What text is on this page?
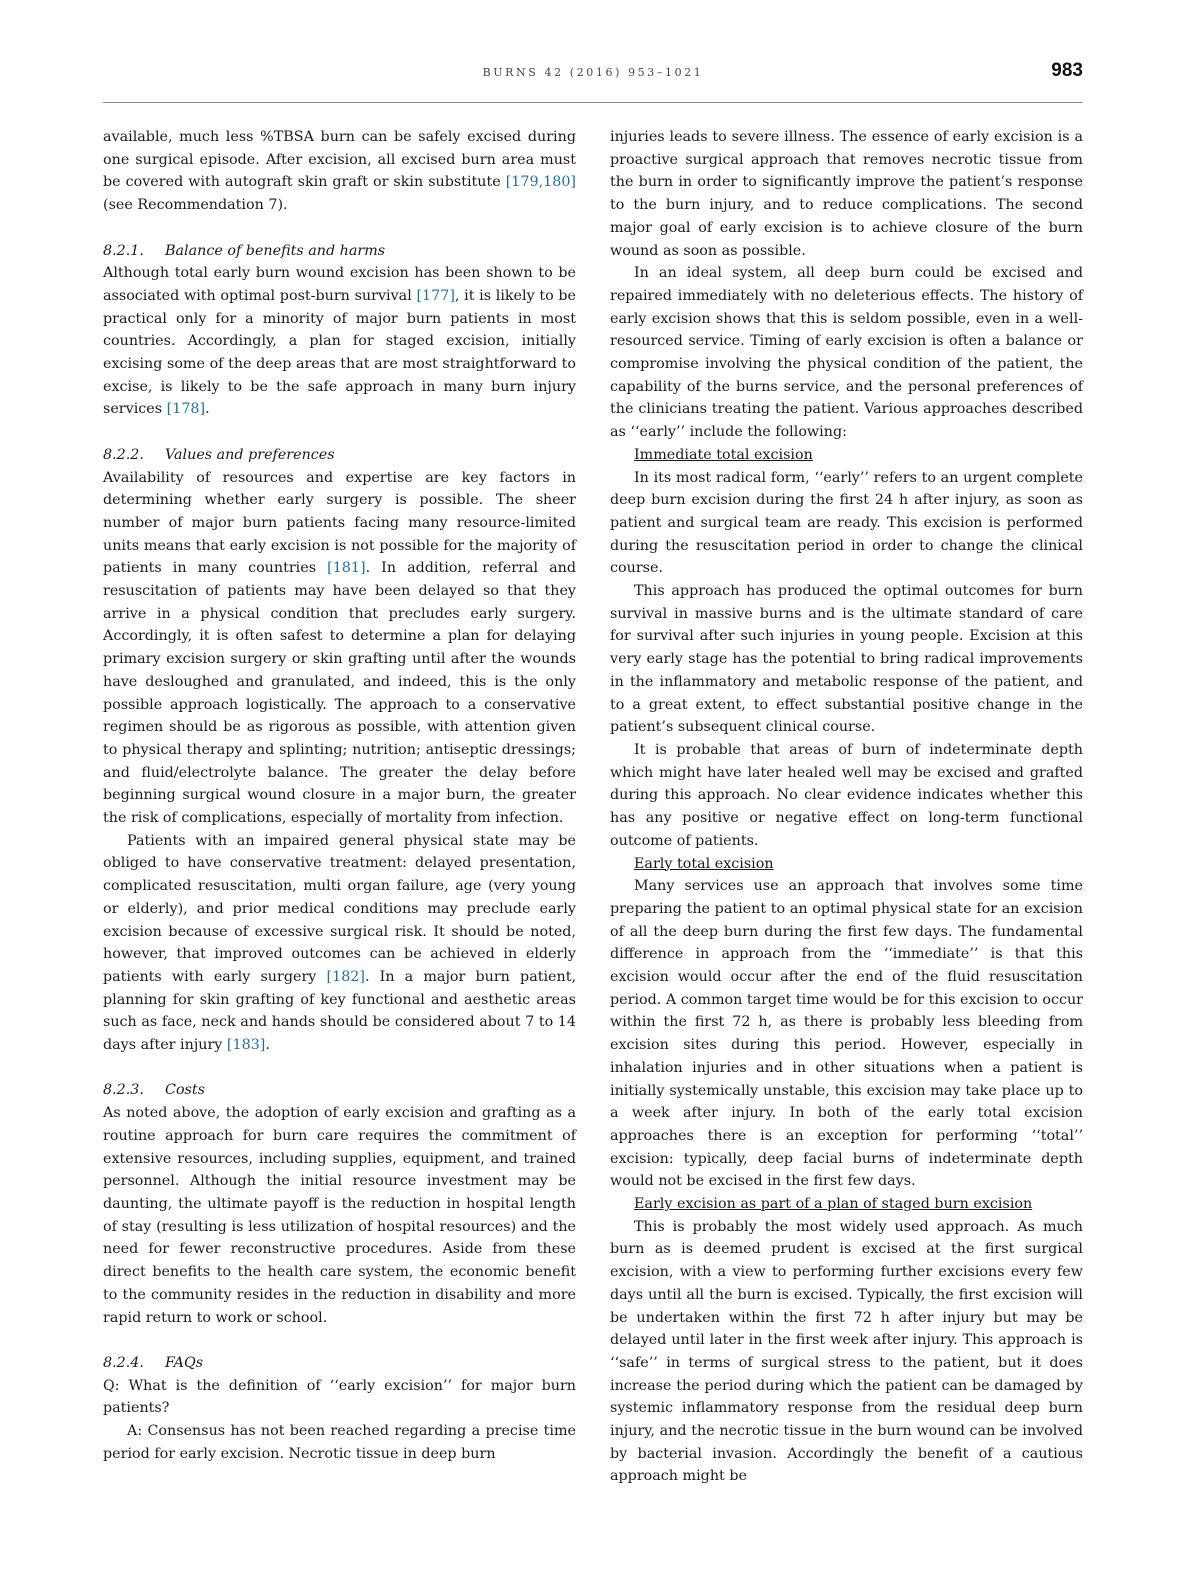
BURNS 42 (2016) 953–1021	983

available, much less %TBSA burn can be safely excised during one surgical episode. After excision, all excised burn area must be covered with autograft skin graft or skin substitute [179,180] (see Recommendation 7).

8.2.1. Balance of benefits and harms

Although total early burn wound excision has been shown to be associated with optimal post-burn survival [177], it is likely to be practical only for a minority of major burn patients in most countries. Accordingly, a plan for staged excision, initially excising some of the deep areas that are most straightforward to excise, is likely to be the safe approach in many burn injury services [178].

8.2.2. Values and preferences

Availability of resources and expertise are key factors in determining whether early surgery is possible. The sheer number of major burn patients facing many resource-limited units means that early excision is not possible for the majority of patients in many countries [181]. In addition, referral and resuscitation of patients may have been delayed so that they arrive in a physical condition that precludes early surgery. Accordingly, it is often safest to determine a plan for delaying primary excision surgery or skin grafting until after the wounds have desloughed and granulated, and indeed, this is the only possible approach logistically. The approach to a conservative regimen should be as rigorous as possible, with attention given to physical therapy and splinting; nutrition; antiseptic dressings; and fluid/electrolyte balance. The greater the delay before beginning surgical wound closure in a major burn, the greater the risk of complications, especially of mortality from infection.

Patients with an impaired general physical state may be obliged to have conservative treatment: delayed presentation, complicated resuscitation, multi organ failure, age (very young or elderly), and prior medical conditions may preclude early excision because of excessive surgical risk. It should be noted, however, that improved outcomes can be achieved in elderly patients with early surgery [182]. In a major burn patient, planning for skin grafting of key functional and aesthetic areas such as face, neck and hands should be considered about 7 to 14 days after injury [183].

8.2.3. Costs

As noted above, the adoption of early excision and grafting as a routine approach for burn care requires the commitment of extensive resources, including supplies, equipment, and trained personnel. Although the initial resource investment may be daunting, the ultimate payoff is the reduction in hospital length of stay (resulting is less utilization of hospital resources) and the need for fewer reconstructive procedures. Aside from these direct benefits to the health care system, the economic benefit to the community resides in the reduction in disability and more rapid return to work or school.

8.2.4. FAQs

Q: What is the definition of ‘‘early excision’’ for major burn patients?

A: Consensus has not been reached regarding a precise time period for early excision. Necrotic tissue in deep burn

injuries leads to severe illness. The essence of early excision is a proactive surgical approach that removes necrotic tissue from the burn in order to significantly improve the patient’s response to the burn injury, and to reduce complications. The second major goal of early excision is to achieve closure of the burn wound as soon as possible.

In an ideal system, all deep burn could be excised and repaired immediately with no deleterious effects. The history of early excision shows that this is seldom possible, even in a well-resourced service. Timing of early excision is often a balance or compromise involving the physical condition of the patient, the capability of the burns service, and the personal preferences of the clinicians treating the patient. Various approaches described as ‘‘early’’ include the following:

Immediate total excision

In its most radical form, ‘‘early’’ refers to an urgent complete deep burn excision during the first 24 h after injury, as soon as patient and surgical team are ready. This excision is performed during the resuscitation period in order to change the clinical course.

This approach has produced the optimal outcomes for burn survival in massive burns and is the ultimate standard of care for survival after such injuries in young people. Excision at this very early stage has the potential to bring radical improvements in the inflammatory and metabolic response of the patient, and to a great extent, to effect substantial positive change in the patient’s subsequent clinical course.

It is probable that areas of burn of indeterminate depth which might have later healed well may be excised and grafted during this approach. No clear evidence indicates whether this has any positive or negative effect on long-term functional outcome of patients.

Early total excision

Many services use an approach that involves some time preparing the patient to an optimal physical state for an excision of all the deep burn during the first few days. The fundamental difference in approach from the ‘‘immediate’’ is that this excision would occur after the end of the fluid resuscitation period. A common target time would be for this excision to occur within the first 72 h, as there is probably less bleeding from excision sites during this period. However, especially in inhalation injuries and in other situations when a patient is initially systemically unstable, this excision may take place up to a week after injury. In both of the early total excision approaches there is an exception for performing ‘‘total’’ excision: typically, deep facial burns of indeterminate depth would not be excised in the first few days.

Early excision as part of a plan of staged burn excision

This is probably the most widely used approach. As much burn as is deemed prudent is excised at the first surgical excision, with a view to performing further excisions every few days until all the burn is excised. Typically, the first excision will be undertaken within the first 72 h after injury but may be delayed until later in the first week after injury. This approach is ‘‘safe’’ in terms of surgical stress to the patient, but it does increase the period during which the patient can be damaged by systemic inflammatory response from the residual deep burn injury, and the necrotic tissue in the burn wound can be involved by bacterial invasion. Accordingly the benefit of a cautious approach might be
